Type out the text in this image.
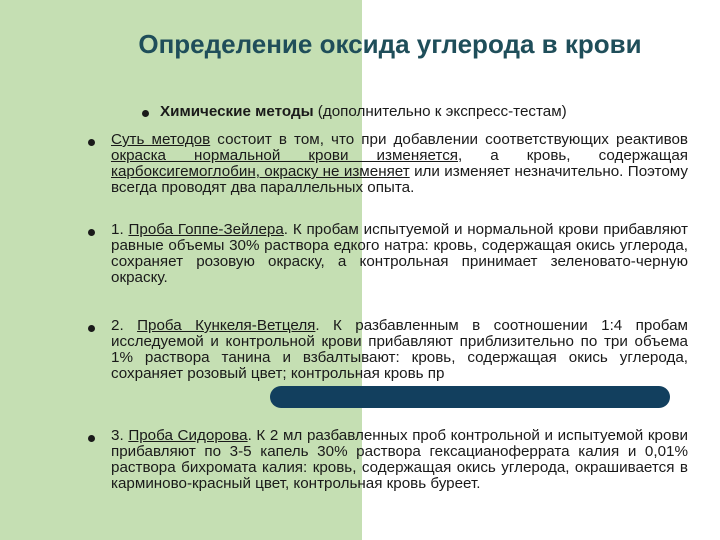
Определение оксида углерода в крови
Химические методы (дополнительно к экспресс-тестам)
Суть методов состоит в том, что при добавлении соответствующих реактивов окраска нормальной крови изменяется, а кровь, содержащая карбоксигемоглобин, окраску не изменяет или изменяет незначительно. Поэтому всегда проводят два параллельных опыта.
1. Проба Гоппе-Зейлера. К пробам испытуемой и нормальной крови прибавляют равные объемы 30% раствора едкого натра: кровь, содержащая окись углерода, сохраняет розовую окраску, а контрольная принимает зеленовато-черную окраску.
2. Проба Кункеля-Ветцеля. К разбавленным в соотношении 1:4 пробам исследуемой и контрольной крови прибавляют приблизительно по три объема 1% раствора танина и взбалтывают: кровь, содержащая окись углерода, сохраняет розовый цвет; контрольная кровь пр
3. Проба Сидорова. К 2 мл разбавленных проб контрольной и испытуемой крови прибавляют по 3-5 капель 30% раствора гексацианоферрата калия и 0,01% раствора бихромата калия: кровь, содержащая окись углерода, окрашивается в карминово-красный цвет, контрольная кровь буреет.
